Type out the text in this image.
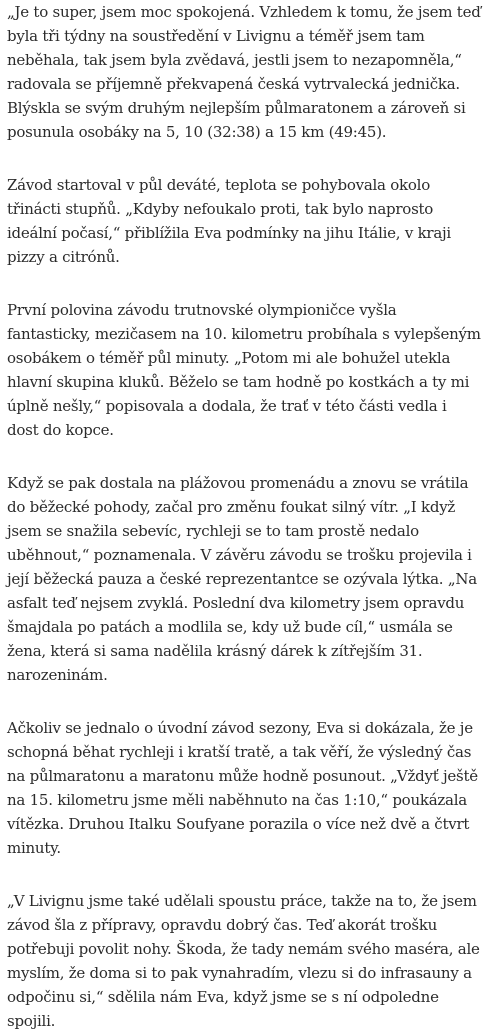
„Je to super, jsem moc spokojená. Vzhledem k tomu, že jsem teď byla tři týdny na soustředění v Livignu a téměř jsem tam neběhala, tak jsem byla zvědavá, jestli jsem to nezapomněla,“ radovala se příjemně překvapená česká vytrvalecká jednička. Blýskla se svým druhým nejlepším půlmaratonem a zároveň si posunula osobáky na 5, 10 (32:38) a 15 km (49:45).

Závod startoval v půl deváté, teplota se pohybovala okolo třinácti stupňů. „Kdyby nefoukalo proti, tak bylo naprosto ideální počasí,“ přiblížila Eva podmínky na jihu Itálie, v kraji pizzy a citrónů.

První polovina závodu trutnovské olympioničce vyšla fantasticky, mezičasem na 10. kilometru probíhala s vylepšeným osobákem o téměř půl minuty. „Potom mi ale bohužel utekla hlavní skupina kluků. Běželo se tam hodně po kostkách a ty mi úplně nešly,“ popisovala a dodala, že trať v této části vedla i dost do kopce.

Když se pak dostala na plážovou promenádu a znovu se vrátila do běžecké pohody, začal pro změnu foukat silný vítr. „I když jsem se snažila sebevíc, rychleji se to tam prostě nedalo uběhnout,“ poznamenala. V závěru závodu se trošku projevila i její běžecká pauza a české reprezentantce se ozývala lýtka. „Na asfalt teď nejsem zvyklá. Poslední dva kilometry jsem opravdu šmajdala po patách a modlila se, kdy už bude cíl,“ usmála se žena, která si sama nadělila krásný dárek k zítřejším 31. narozeninám.

Ačkoliv se jednalo o úvodní závod sezony, Eva si dokázala, že je schopná běhat rychleji i kratší tratě, a tak věří, že výsledný čas na půlmaratonu a maratonu může hodně posunout. „Vždyť ještě na 15. kilometru jsme měli naběhnuto na čas 1:10,“ poukázala vítězka. Druhou Italku Soufyane porazila o více než dvě a čtvrt minuty.

„V Livignu jsme také udělali spoustu práce, takže na to, že jsem závod šla z přípravy, opravdu dobrý čas. Teď akorát trošku potřebuji povolit nohy. Škoda, že tady nemám svého maséra, ale myslím, že doma si to pak vynahradím, vlezu si do infrasauny a odpočinu si,“ sdělila nám Eva, když jsme se s ní odpoledne spojili.
